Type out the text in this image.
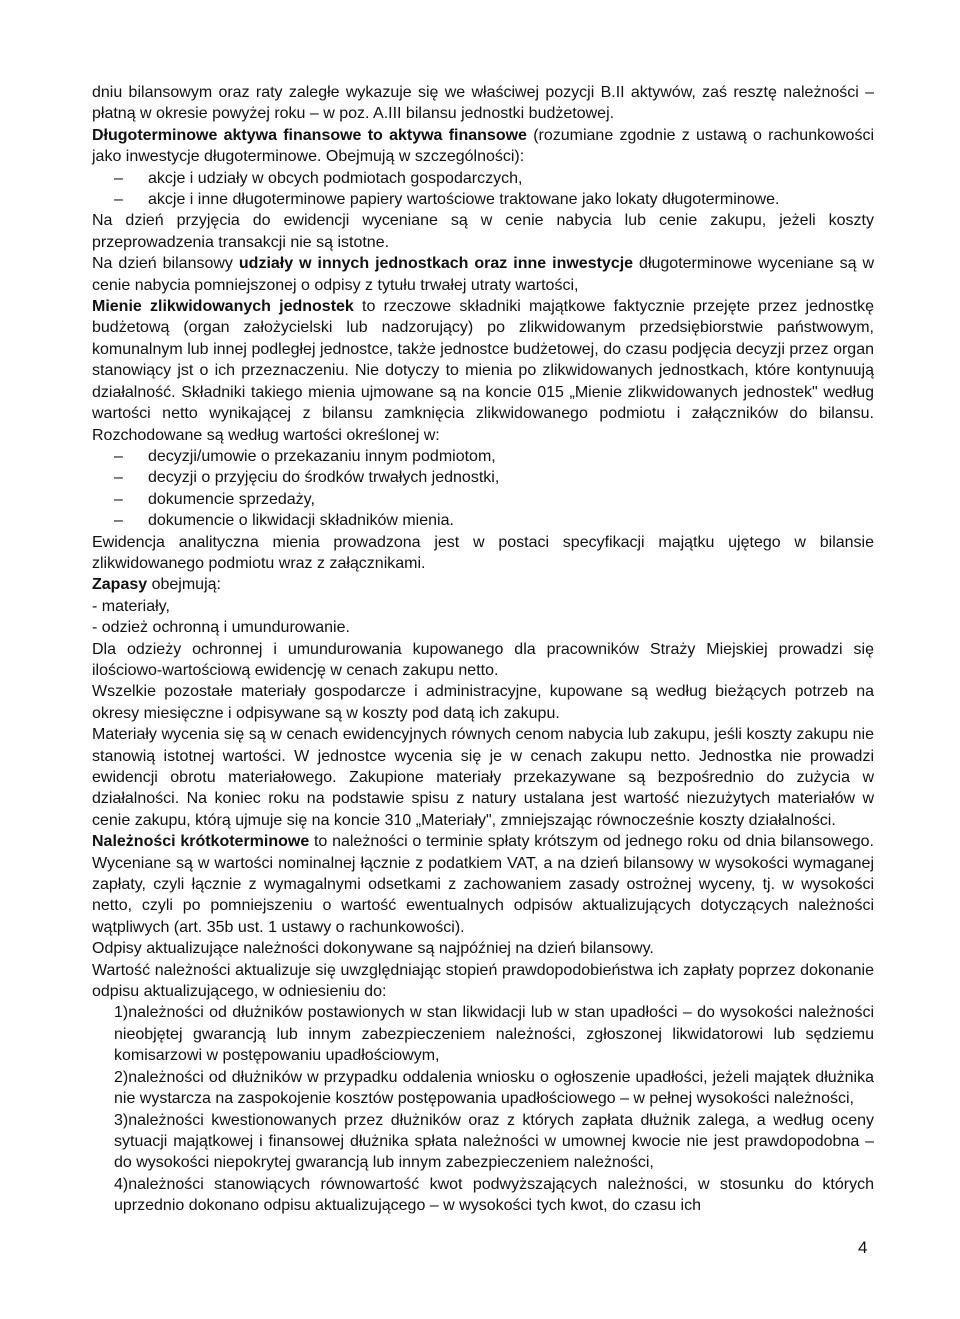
dniu bilansowym oraz raty zaległe wykazuje się we właściwej pozycji B.II aktywów, zaś resztę należności – płatną w okresie powyżej roku – w poz. A.III bilansu jednostki budżetowej.

Długoterminowe aktywa finansowe to aktywa finansowe (rozumiane zgodnie z ustawą o rachunkowości jako inwestycje długoterminowe. Obejmują w szczególności):

–	akcje i udziały w obcych podmiotach gospodarczych,
–	akcje i inne długoterminowe papiery wartościowe traktowane jako lokaty długoterminowe.

Na dzień przyjęcia do ewidencji wyceniane są w cenie nabycia lub cenie zakupu, jeżeli koszty przeprowadzenia transakcji nie są istotne.

Na dzień bilansowy udziały w innych jednostkach oraz inne inwestycje długoterminowe wyceniane są w cenie nabycia pomniejszonej o odpisy z tytułu trwałej utraty wartości,

Mienie zlikwidowanych jednostek to rzeczowe składniki majątkowe faktycznie przejęte przez jednostkę budżetową (organ założycielski lub nadzorujący) po zlikwidowanym przedsiębiorstwie państwowym, komunalnym lub innej podległej jednostce, także jednostce budżetowej, do czasu podjęcia decyzji przez organ stanowiący jst o ich przeznaczeniu. Nie dotyczy to mienia po zlikwidowanych jednostkach, które kontynuują działalność. Składniki takiego mienia ujmowane są na koncie 015 „Mienie zlikwidowanych jednostek" według wartości netto wynikającej z bilansu zamknięcia zlikwidowanego podmiotu i załączników do bilansu. Rozchodowane są według wartości określonej w:

–	decyzji/umowie o przekazaniu innym podmiotom,
–	decyzji o przyjęciu do środków trwałych jednostki,
–	dokumencie sprzedaży,
–	dokumencie o likwidacji składników mienia.

Ewidencja analityczna mienia prowadzona jest w postaci specyfikacji majątku ujętego w bilansie zlikwidowanego podmiotu wraz z załącznikami.

Zapasy obejmują:

- materiały,

- odzież ochronną i umundurowanie.

Dla odzieży ochronnej i umundurowania kupowanego dla pracowników Straży Miejskiej prowadzi się ilościowo-wartościową ewidencję w cenach zakupu netto.

Wszelkie pozostałe materiały gospodarcze i administracyjne, kupowane są według bieżących potrzeb na okresy miesięczne i odpisywane są w koszty pod datą ich zakupu.

Materiały wycenia się są w cenach ewidencyjnych równych cenom nabycia lub zakupu, jeśli koszty zakupu nie stanowią istotnej wartości. W jednostce wycenia się je w cenach zakupu netto. Jednostka nie prowadzi ewidencji obrotu materiałowego. Zakupione materiały przekazywane są bezpośrednio do zużycia w działalności. Na koniec roku na podstawie spisu z natury ustalana jest wartość niezużytych materiałów w cenie zakupu, którą ujmuje się na koncie 310 „Materiały", zmniejszając równocześnie koszty działalności.

Należności krótkoterminowe to należności o terminie spłaty krótszym od jednego roku od dnia bilansowego. Wyceniane są w wartości nominalnej łącznie z podatkiem VAT, a na dzień bilansowy w wysokości wymaganej zapłaty, czyli łącznie z wymagalnymi odsetkami z zachowaniem zasady ostrożnej wyceny, tj. w wysokości netto, czyli po pomniejszeniu o wartość ewentualnych odpisów aktualizujących dotyczących należności wątpliwych (art. 35b ust. 1 ustawy o rachunkowości).

Odpisy aktualizujące należności dokonywane są najpóźniej na dzień bilansowy.

Wartość należności aktualizuje się uwzględniając stopień prawdopodobieństwa ich zapłaty poprzez dokonanie odpisu aktualizującego, w odniesieniu do:

1)należności od dłużników postawionych w stan likwidacji lub w stan upadłości – do wysokości należności nieobjętej gwarancją lub innym zabezpieczeniem należności, zgłoszonej likwidatorowi lub sędziemu komisarzowi w postępowaniu upadłościowym,

2)należności od dłużników w przypadku oddalenia wniosku o ogłoszenie upadłości, jeżeli majątek dłużnika nie wystarcza na zaspokojenie kosztów postępowania upadłościowego – w pełnej wysokości należności,

3)należności kwestionowanych przez dłużników oraz z których zapłata dłużnik zalega, a według oceny sytuacji majątkowej i finansowej dłużnika spłata należności w umownej kwocie nie jest prawdopodobna – do wysokości niepokrytej gwarancją lub innym zabezpieczeniem należności,

4)należności stanowiących równowartość kwot podwyższających należności, w stosunku do których uprzednio dokonano odpisu aktualizującego – w wysokości tych kwot, do czasu ich

4
